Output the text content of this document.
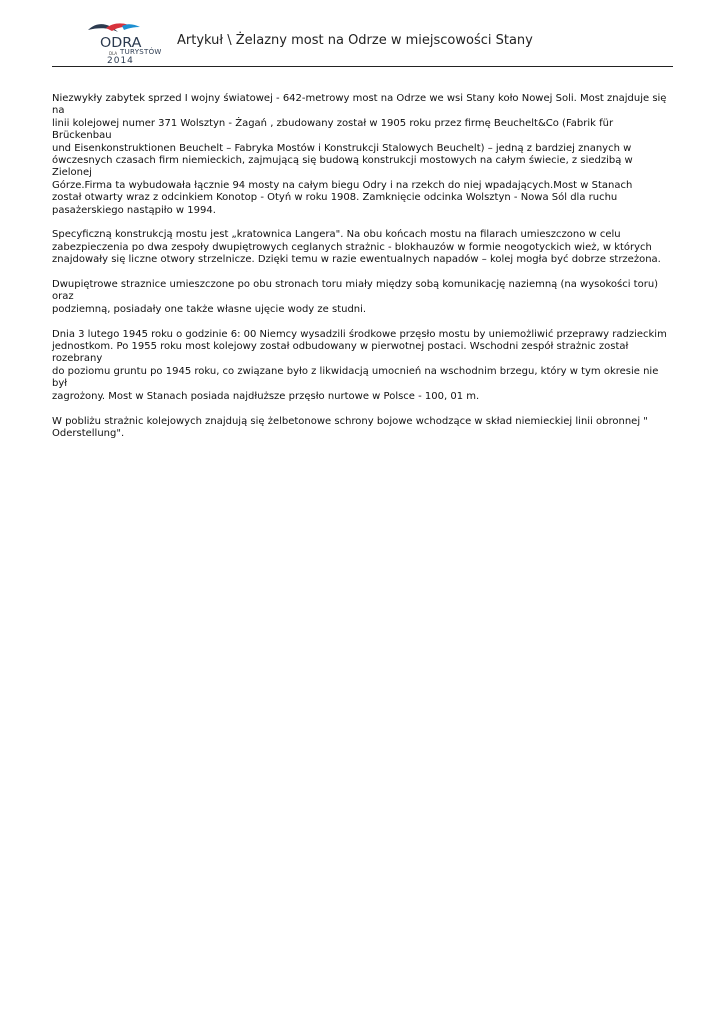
ODRA
DLA TURYSTÓW
2014
Artykuł \ Żelazny most na Odrze w miejscowości Stany

Niezwykły zabytek sprzed I wojny światowej - 642-metrowy most na Odrze we wsi Stany koło Nowej Soli. Most znajduje się na
linii kolejowej numer 371 Wolsztyn - Żagań , zbudowany został w 1905 roku przez firmę Beuchelt&Co (Fabrik für Brückenbau
und Eisenkonstruktionen Beuchelt – Fabryka Mostów i Konstrukcji Stalowych Beuchelt) – jedną z bardziej znanych w
ówczesnych czasach firm niemieckich, zajmującą się budową konstrukcji mostowych na całym świecie, z siedzibą w Zielonej
Górze.Firma ta wybudowała łącznie 94 mosty na całym biegu Odry i na rzekch do niej wpadających.Most w Stanach
został otwarty wraz z odcinkiem Konotop - Otyń w roku 1908. Zamknięcie odcinka Wolsztyn - Nowa Sól dla ruchu
pasażerskiego nastąpiło w 1994.

Specyficzną konstrukcją mostu jest „kratownica Langera". Na obu końcach mostu na filarach umieszczono w celu
zabezpieczenia po dwa zespoły dwupiętrowych ceglanych strażnic - blokhauzów w formie neogotyckich wież, w których
znajdowały się liczne otwory strzelnicze. Dzięki temu w razie ewentualnych napadów – kolej mogła być dobrze strzeżona.

Dwupiętrowe straznice umieszczone po obu stronach toru miały między sobą komunikację naziemną (na wysokości toru) oraz
podziemną, posiadały one także własne ujęcie wody ze studni.

Dnia 3 lutego 1945 roku o godzinie 6: 00 Niemcy wysadzili środkowe przęsło mostu by uniemożliwić przeprawy radzieckim
jednostkom. Po 1955 roku most kolejowy został odbudowany w pierwotnej postaci. Wschodni zespół strażnic został rozebrany
do poziomu gruntu po 1945 roku, co związane było z likwidacją umocnień na wschodnim brzegu, który w tym okresie nie był
zagrożony. Most w Stanach posiada najdłuższe przęsło nurtowe w Polsce - 100, 01 m.

W pobliżu strażnic kolejowych znajdują się żelbetonowe schrony bojowe wchodzące w skład niemieckiej linii obronnej "
Oderstellung".
